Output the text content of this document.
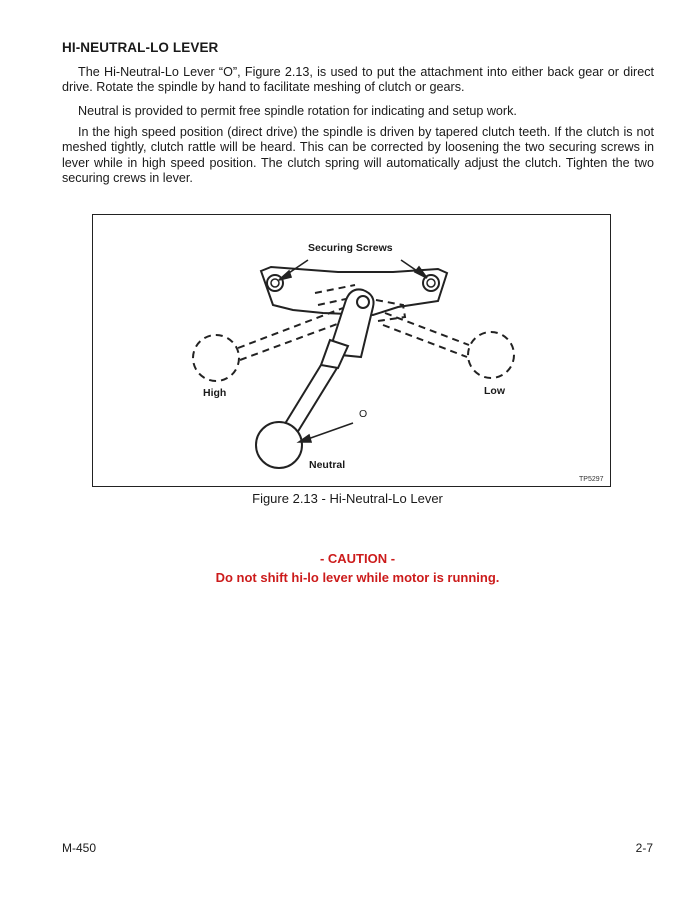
HI-NEUTRAL-LO LEVER

The Hi-Neutral-Lo Lever “O”, Figure 2.13, is used to put the attachment into either back gear or direct drive. Rotate the spindle by hand to facilitate meshing of clutch or gears.

Neutral is provided to permit free spindle rotation for indicating and setup work.

In the high speed position (direct drive) the spindle is driven by tapered clutch teeth. If the clutch is not meshed tightly, clutch rattle will be heard. This can be corrected by loosening the two securing screws in lever while in high speed position. The clutch spring will automatically adjust the clutch. Tighten the two securing crews in lever.

Securing Screws
High	Low
O
Neutral
TP5297
Figure 2.13 - Hi-Neutral-Lo Lever
- CAUTION -
Do not shift hi-lo lever while motor is running.
M-450	2-7
